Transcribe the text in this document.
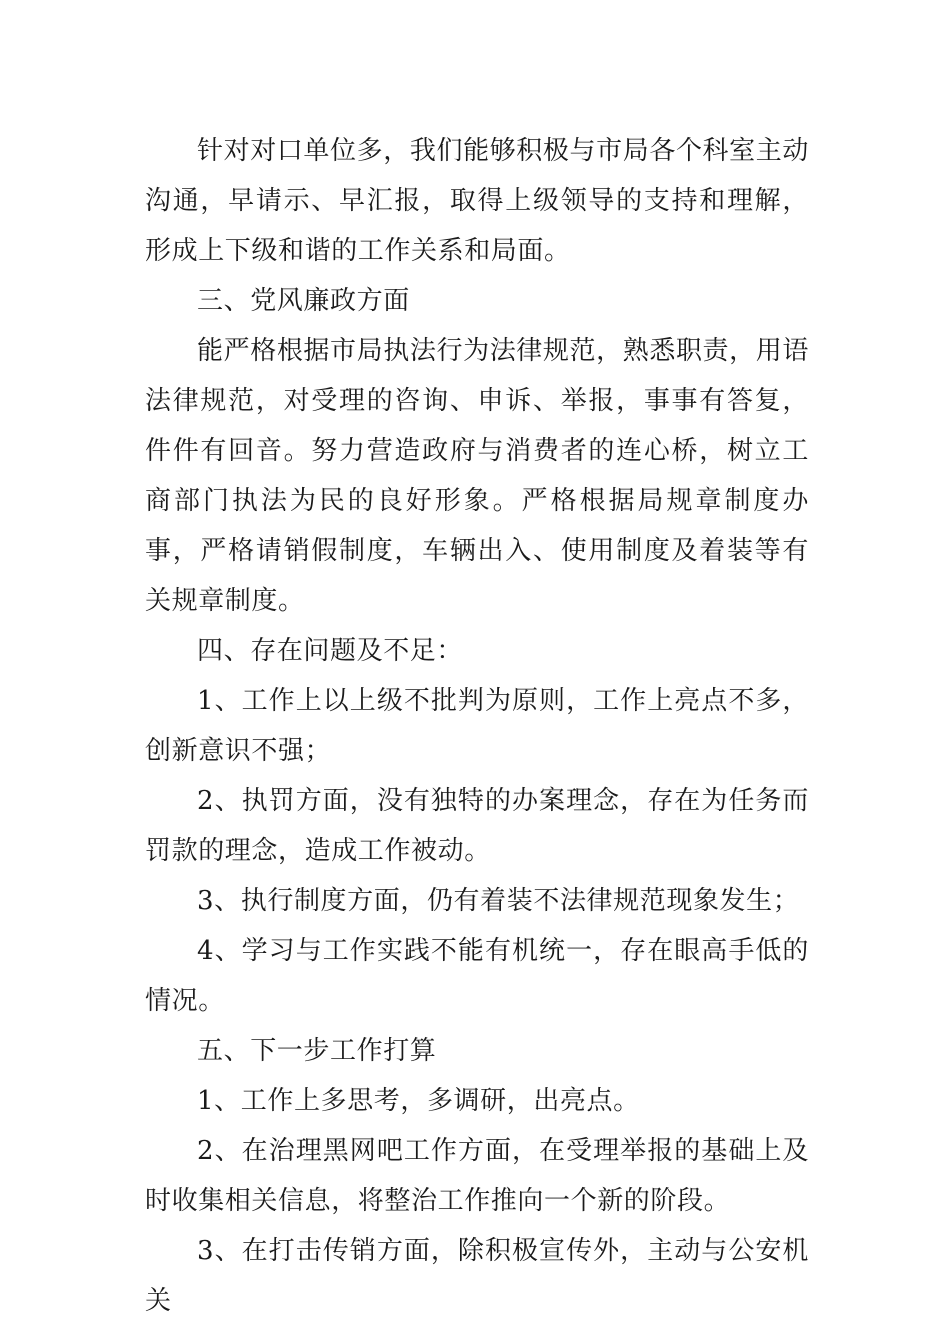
针对对口单位多，我们能够积极与市局各个科室主动沟通，早请示、早汇报，取得上级领导的支持和理解，形成上下级和谐的工作关系和局面。

三、党风廉政方面

能严格根据市局执法行为法律规范，熟悉职责，用语法律规范，对受理的咨询、申诉、举报，事事有答复，件件有回音。努力营造政府与消费者的连心桥，树立工商部门执法为民的良好形象。严格根据局规章制度办事，严格请销假制度，车辆出入、使用制度及着装等有关规章制度。

四、存在问题及不足：

1、工作上以上级不批判为原则，工作上亮点不多，创新意识不强；

2、执罚方面，没有独特的办案理念，存在为任务而罚款的理念，造成工作被动。

3、执行制度方面，仍有着装不法律规范现象发生；

4、学习与工作实践不能有机统一，存在眼高手低的情况。

五、下一步工作打算

1、工作上多思考，多调研，出亮点。

2、在治理黑网吧工作方面，在受理举报的基础上及时收集相关信息，将整治工作推向一个新的阶段。

3、在打击传销方面，除积极宣传外，主动与公安机关
